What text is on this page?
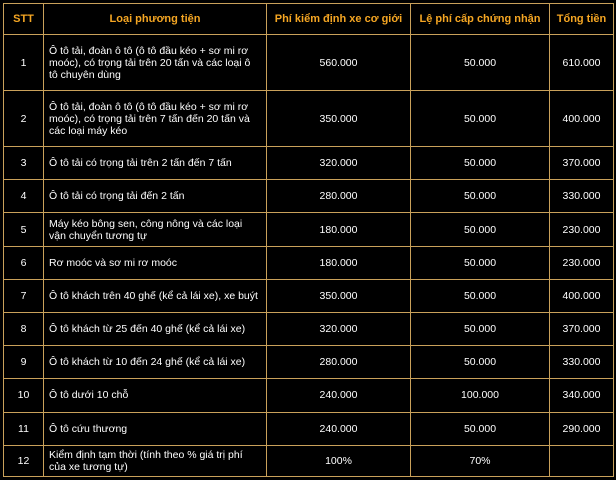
STT	Loại phương tiện	Phí kiểm định xe cơ giới	Lệ phí cấp chứng nhận	Tổng tiền
1	Ô tô tải, đoàn ô tô (ô tô đầu kéo + sơ mi rơ moóc), có trọng tải trên 20 tấn và các loại ô tô chuyên dùng	560.000	50.000	610.000
2	Ô tô tải, đoàn ô tô (ô tô đầu kéo + sơ mi rơ moóc), có trọng tải trên 7 tấn đến 20 tấn và các loại máy kéo	350.000	50.000	400.000
3	Ô tô tải có trọng tải trên 2 tấn đến 7 tấn	320.000	50.000	370.000
4	Ô tô tải có trọng tải đến 2 tấn	280.000	50.000	330.000
5	Máy kéo bông sen, công nông và các loại vận chuyển tương tự	180.000	50.000	230.000
6	Rơ moóc và sơ mi rơ moóc	180.000	50.000	230.000
7	Ô tô khách trên 40 ghế (kể cả lái xe), xe buýt	350.000	50.000	400.000
8	Ô tô khách từ 25 đến 40 ghế (kể cả lái xe)	320.000	50.000	370.000
9	Ô tô khách từ 10 đến 24 ghế (kể cả lái xe)	280.000	50.000	330.000
10	Ô tô dưới 10 chỗ	240.000	100.000	340.000
11	Ô tô cứu thương	240.000	50.000	290.000
12	Kiểm định tạm thời (tính theo % giá trị phí của xe tương tự)	100%	70%	
